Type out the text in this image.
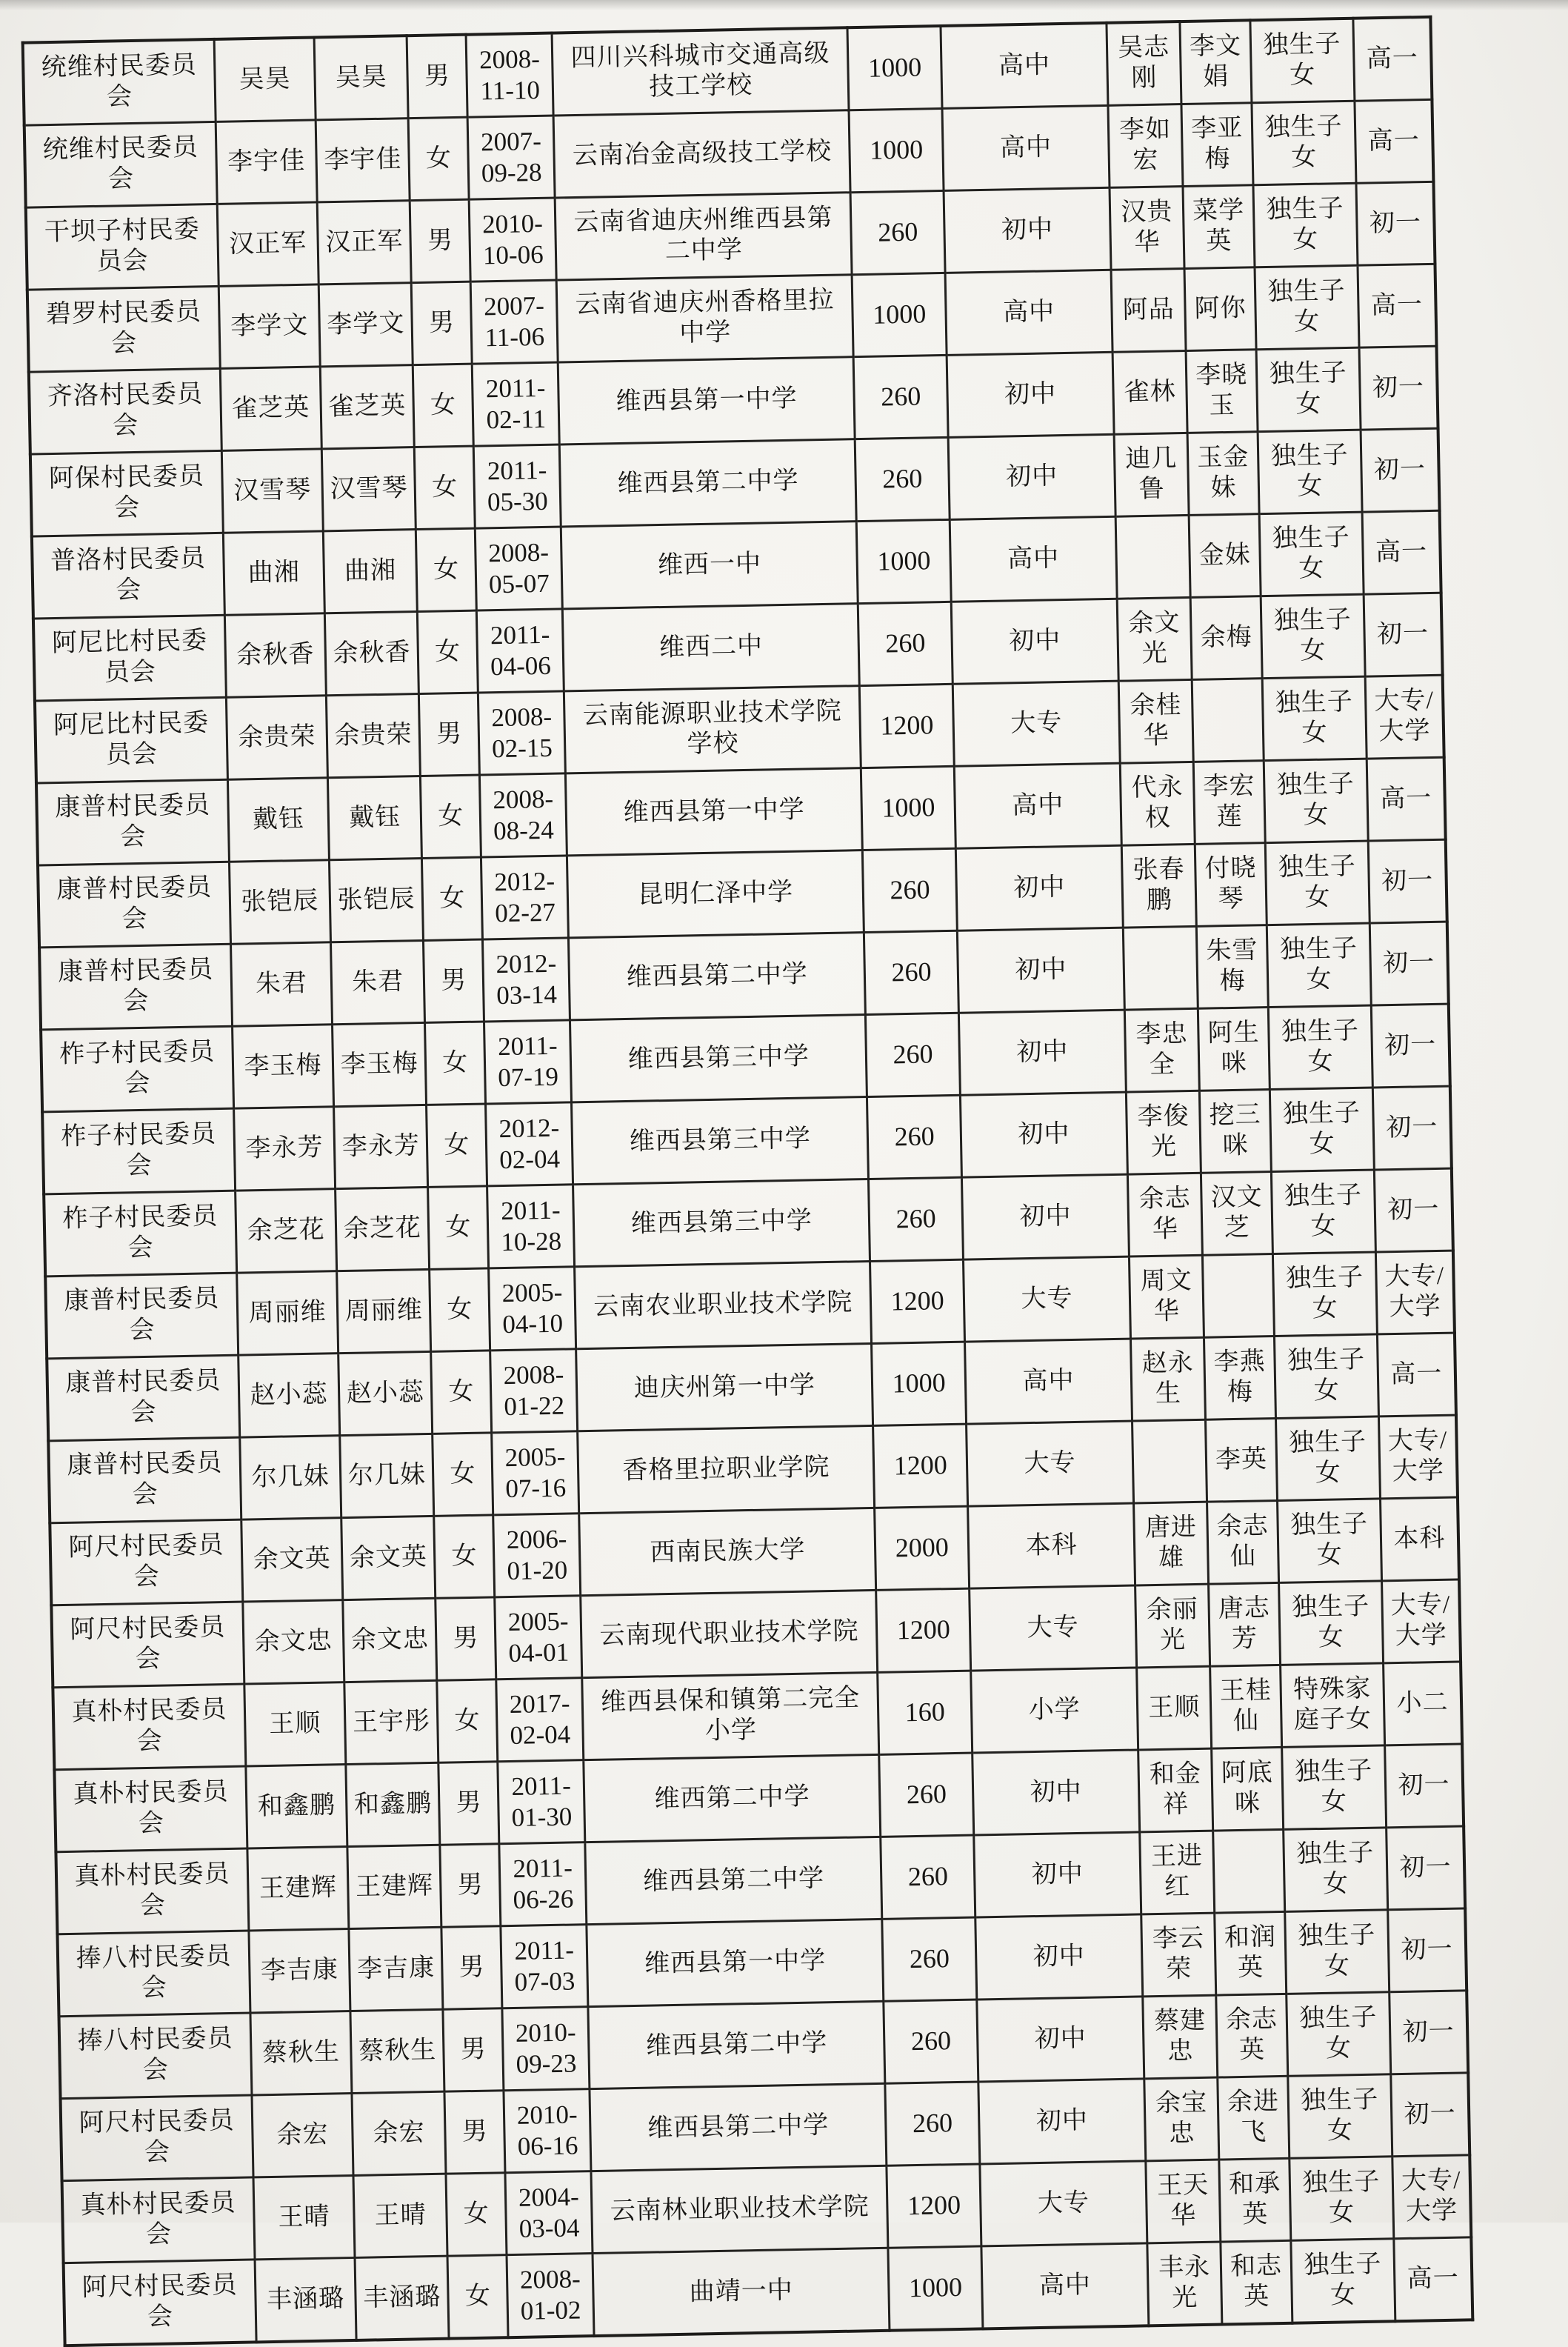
统维村民委员会	吴昊	吴昊	男	2008-11-10	四川兴科城市交通高级技工学校	1000	高中	吴志刚	李文娟	独生子女	高一
统维村民委员会	李宇佳	李宇佳	女	2007-09-28	云南冶金高级技工学校	1000	高中	李如宏	李亚梅	独生子女	高一
干坝子村民委员会	汉正军	汉正军	男	2010-10-06	云南省迪庆州维西县第二中学	260	初中	汉贵华	菜学英	独生子女	初一
碧罗村民委员会	李学文	李学文	男	2007-11-06	云南省迪庆州香格里拉中学	1000	高中	阿品	阿你	独生子女	高一
齐洛村民委员会	雀芝英	雀芝英	女	2011-02-11	维西县第一中学	260	初中	雀林	李晓玉	独生子女	初一
阿保村民委员会	汉雪琴	汉雪琴	女	2011-05-30	维西县第二中学	260	初中	迪几鲁	玉金妹	独生子女	初一
普洛村民委员会	曲湘	曲湘	女	2008-05-07	维西一中	1000	高中		金妹	独生子女	高一
阿尼比村民委员会	余秋香	余秋香	女	2011-04-06	维西二中	260	初中	余文光	余梅	独生子女	初一
阿尼比村民委员会	余贵荣	余贵荣	男	2008-02-15	云南能源职业技术学院学校	1200	大专	余桂华		独生子女	大专/大学
康普村民委员会	戴钰	戴钰	女	2008-08-24	维西县第一中学	1000	高中	代永权	李宏莲	独生子女	高一
康普村民委员会	张铠辰	张铠辰	女	2012-02-27	昆明仁泽中学	260	初中	张春鹏	付晓琴	独生子女	初一
康普村民委员会	朱君	朱君	男	2012-03-14	维西县第二中学	260	初中		朱雪梅	独生子女	初一
柞子村民委员会	李玉梅	李玉梅	女	2011-07-19	维西县第三中学	260	初中	李忠全	阿生咪	独生子女	初一
柞子村民委员会	李永芳	李永芳	女	2012-02-04	维西县第三中学	260	初中	李俊光	挖三咪	独生子女	初一
柞子村民委员会	余芝花	余芝花	女	2011-10-28	维西县第三中学	260	初中	余志华	汉文芝	独生子女	初一
康普村民委员会	周丽维	周丽维	女	2005-04-10	云南农业职业技术学院	1200	大专	周文华		独生子女	大专/大学
康普村民委员会	赵小蕊	赵小蕊	女	2008-01-22	迪庆州第一中学	1000	高中	赵永生	李燕梅	独生子女	高一
康普村民委员会	尔几妹	尔几妹	女	2005-07-16	香格里拉职业学院	1200	大专		李英	独生子女	大专/大学
阿尺村民委员会	余文英	余文英	女	2006-01-20	西南民族大学	2000	本科	唐进雄	余志仙	独生子女	本科
阿尺村民委员会	余文忠	余文忠	男	2005-04-01	云南现代职业技术学院	1200	大专	余丽光	唐志芳	独生子女	大专/大学
真朴村民委员会	王顺	王宇彤	女	2017-02-04	维西县保和镇第二完全小学	160	小学	王顺	王桂仙	特殊家庭子女	小二
真朴村民委员会	和鑫鹏	和鑫鹏	男	2011-01-30	维西第二中学	260	初中	和金祥	阿底咪	独生子女	初一
真朴村民委员会	王建辉	王建辉	男	2011-06-26	维西县第二中学	260	初中	王进红		独生子女	初一
捧八村民委员会	李吉康	李吉康	男	2011-07-03	维西县第一中学	260	初中	李云荣	和润英	独生子女	初一
捧八村民委员会	蔡秋生	蔡秋生	男	2010-09-23	维西县第二中学	260	初中	蔡建忠	余志英	独生子女	初一
阿尺村民委员会	余宏	余宏	男	2010-06-16	维西县第二中学	260	初中	余宝忠	余进飞	独生子女	初一
真朴村民委员会	王晴	王晴	女	2004-03-04	云南林业职业技术学院	1200	大专	王天华	和承英	独生子女	大专/大学
阿尺村民委员会	丰涵璐	丰涵璐	女	2008-01-02	曲靖一中	1000	高中	丰永光	和志英	独生子女	高一
